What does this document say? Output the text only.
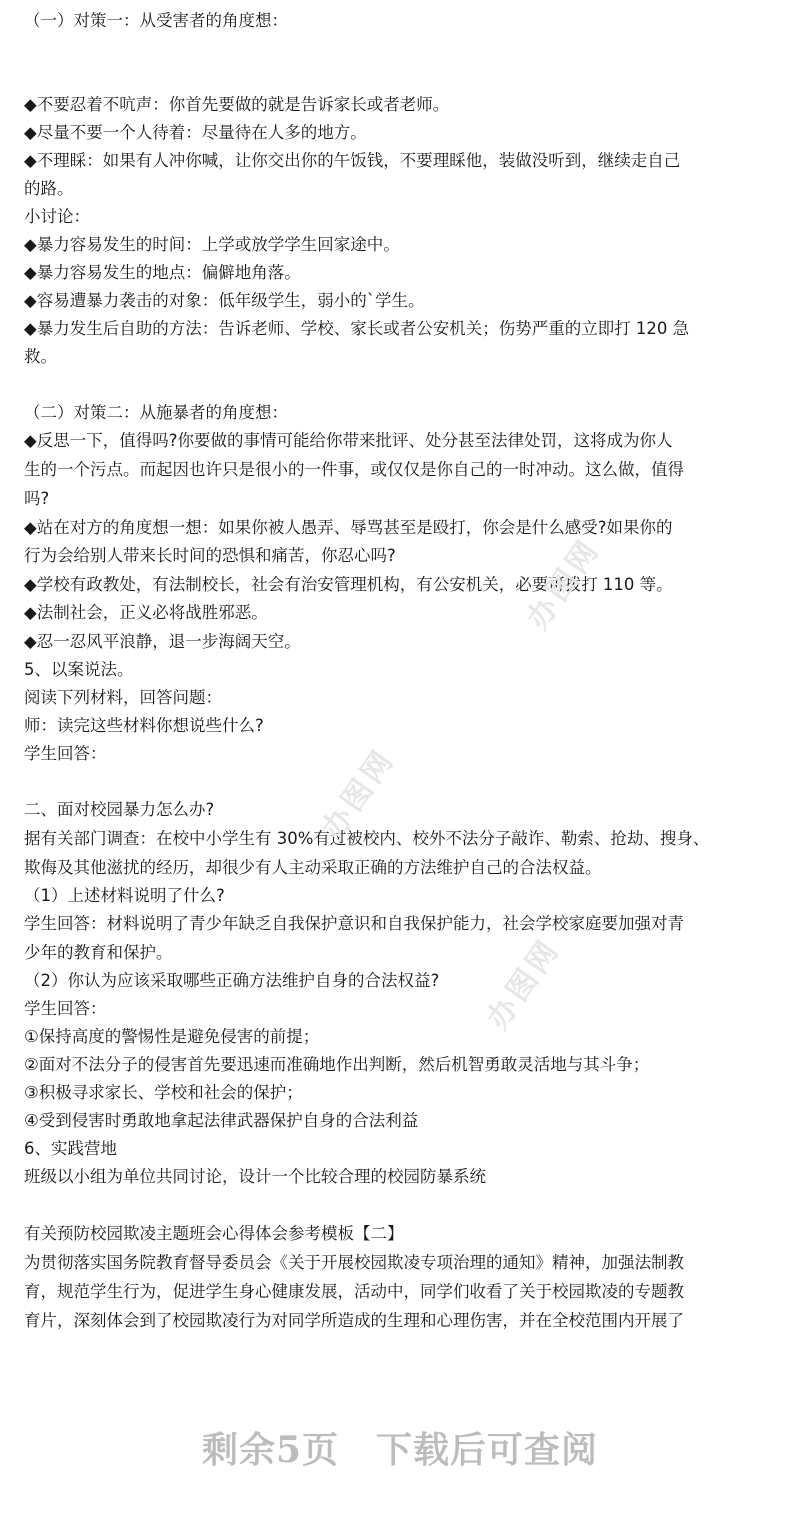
（一）对策一：从受害者的角度想：
◆不要忍着不吭声：你首先要做的就是告诉家长或者老师。
◆尽量不要一个人待着：尽量待在人多的地方。
◆不理睬：如果有人冲你喊，让你交出你的午饭钱，不要理睬他，装做没听到，继续走自己
的路。
小讨论：
◆暴力容易发生的时间：上学或放学学生回家途中。
◆暴力容易发生的地点：偏僻地角落。
◆容易遭暴力袭击的对象：低年级学生，弱小的`学生。
◆暴力发生后自助的方法：告诉老师、学校、家长或者公安机关；伤势严重的立即打 120 急
救。
（二）对策二：从施暴者的角度想：
◆反思一下，值得吗?你要做的事情可能给你带来批评、处分甚至法律处罚，这将成为你人
生的一个污点。而起因也许只是很小的一件事，或仅仅是你自己的一时冲动。这么做，值得
吗?
◆站在对方的角度想一想：如果你被人愚弄、辱骂甚至是殴打，你会是什么感受?如果你的
行为会给别人带来长时间的恐惧和痛苦，你忍心吗?
◆学校有政教处，有法制校长，社会有治安管理机构，有公安机关，必要可拨打 110 等。
◆法制社会，正义必将战胜邪恶。
◆忍一忍风平浪静，退一步海阔天空。
5、以案说法。
阅读下列材料，回答问题：
师：读完这些材料你想说些什么?
学生回答：
二、面对校园暴力怎么办?
据有关部门调查：在校中小学生有 30%有过被校内、校外不法分子敲诈、勒索、抢劫、搜身、
欺侮及其他滋扰的经历，却很少有人主动采取正确的方法维护自己的合法权益。
（1）上述材料说明了什么?
学生回答：材料说明了青少年缺乏自我保护意识和自我保护能力，社会学校家庭要加强对青
少年的教育和保护。
（2）你认为应该采取哪些正确方法维护自身的合法权益?
学生回答：
①保持高度的警惕性是避免侵害的前提；
②面对不法分子的侵害首先要迅速而准确地作出判断，然后机智勇敢灵活地与其斗争；
③积极寻求家长、学校和社会的保护；
④受到侵害时勇敢地拿起法律武器保护自身的合法利益
6、实践营地
班级以小组为单位共同讨论，设计一个比较合理的校园防暴系统
有关预防校园欺凌主题班会心得体会参考模板【二】
为贯彻落实国务院教育督导委员会《关于开展校园欺凌专项治理的通知》精神，加强法制教
育，规范学生行为，促进学生身心健康发展，活动中，同学们收看了关于校园欺凌的专题教
育片，深刻体会到了校园欺凌行为对同学所造成的生理和心理伤害，并在全校范围内开展了
办图网
办图网
办图网
剩余5页　下载后可查阅
